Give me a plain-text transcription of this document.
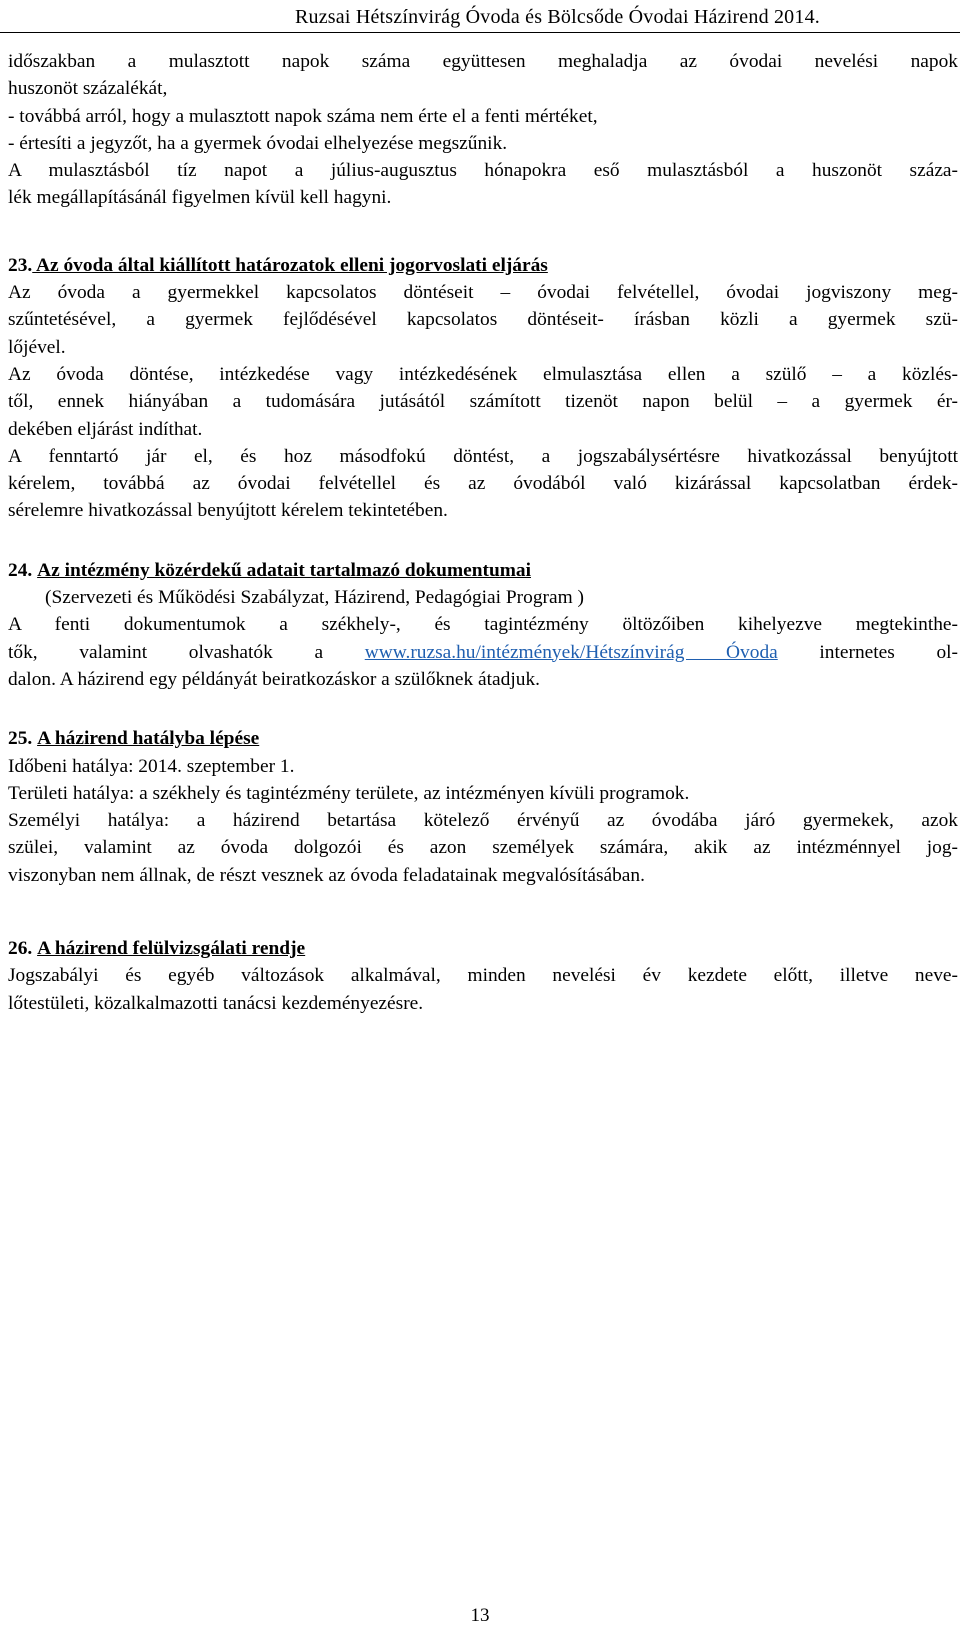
Ruzsai Hétszínvirág Óvoda és Bölcsőde Óvodai Házirend 2014.
időszakban a mulasztott napok száma együttesen meghaladja az óvodai nevelési napok
huszonöt százalékát,
- továbbá arról, hogy a mulasztott napok száma nem érte el a fenti mértéket,
- értesíti a jegyzőt, ha a gyermek óvodai elhelyezése megszűnik.
A mulasztásból tíz napot a július-augusztus hónapokra eső mulasztásból a huszonöt száza-
lék megállapításánál figyelmen kívül kell hagyni.
23. Az óvoda által kiállított határozatok elleni jogorvoslati eljárás
Az óvoda a gyermekkel kapcsolatos döntéseit – óvodai felvétellel, óvodai jogviszony meg-
szűntetésével, a gyermek fejlődésével kapcsolatos döntéseit- írásban közli a gyermek szü-
lőjével.
Az óvoda döntése, intézkedése vagy intézkedésének elmulasztása ellen a szülő – a közlés-
től, ennek hiányában a tudomására jutásától számított tizenöt napon belül – a gyermek ér-
dekében eljárást indíthat.
A fenntartó jár el, és hoz másodfokú döntést, a jogszabálysértésre hivatkozással benyújtott
kérelem, továbbá az óvodai felvétellel és az óvodából való kizárással kapcsolatban érdek-
sérelemre hivatkozással benyújtott kérelem tekintetében.
24. Az intézmény közérdekű adatait tartalmazó dokumentumai
(Szervezeti és Működési Szabályzat, Házirend, Pedagógiai Program )
A fenti dokumentumok a székhely-, és tagintézmény öltözőiben kihelyezve megtekinthe-
tők, valamint olvashatók a www.ruzsa.hu/intézmények/Hétszínvirág Óvoda internetes ol-
dalon. A házirend egy példányát beiratkozáskor a szülőknek átadjuk.
25. A házirend hatályba lépése
Időbeni hatálya: 2014. szeptember 1.
Területi hatálya: a székhely és tagintézmény területe, az intézményen kívüli programok.
Személyi hatálya: a házirend betartása kötelező érvényű az óvodába járó gyermekek, azok
szülei, valamint az óvoda dolgozói és azon személyek számára, akik az intézménnyel jog-
viszonyban nem állnak, de részt vesznek az óvoda feladatainak megvalósításában.
26. A házirend felülvizsgálati rendje
Jogszabályi és egyéb változások alkalmával, minden nevelési év kezdete előtt, illetve neve-
lőtestületi, közalkalmazotti tanácsi kezdeményezésre.
13
